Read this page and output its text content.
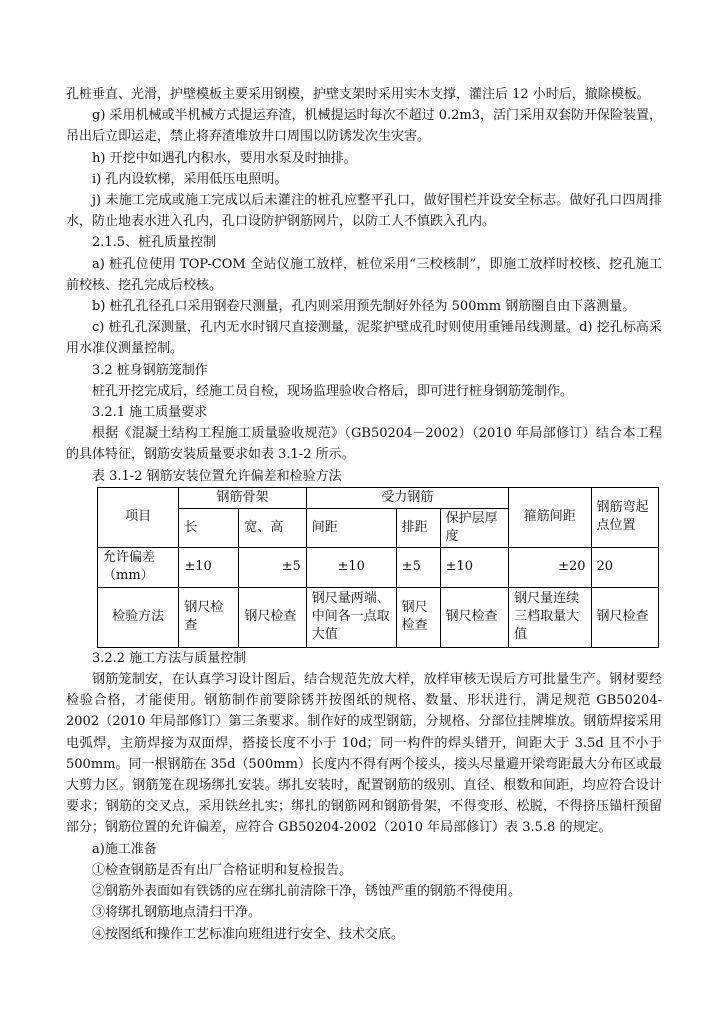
孔桩垂直、光滑，护壁模板主要采用钢模，护壁支架时采用实木支撑，灌注后 12 小时后，撤除模板。

g) 采用机械或半机械方式提运弃渣，机械提运时每次不超过 0.2m3，活门采用双套防开保险装置，吊出后立即运走，禁止将弃渣堆放井口周围以防诱发次生灾害。

h) 开挖中如遇孔内积水，要用水泵及时抽排。

i) 孔内设软梯，采用低压电照明。

j) 未施工完成或施工完成以后未灌注的桩孔应整平孔口，做好围栏并设安全标志。做好孔口四周排水，防止地表水进入孔内，孔口设防护钢筋网片，以防工人不慎跌入孔内。

2.1.5、桩孔质量控制

a) 桩孔位使用 TOP-COM 全站仪施工放样，桩位采用“三校核制”，即施工放样时校核、挖孔施工前校核、挖孔完成后校核。

b) 桩孔孔径孔口采用钢卷尺测量，孔内则采用预先制好外径为 500mm 钢筋圈自由下落测量。

c) 桩孔孔深测量，孔内无水时钢尺直接测量，泥浆护壁成孔时则使用重锤吊线测量。d) 挖孔标高采用水准仪测量控制。

3.2 桩身钢筋笼制作

桩孔开挖完成后，经施工员自检，现场监理验收合格后，即可进行桩身钢筋笼制作。

3.2.1 施工质量要求

根据《混凝土结构工程施工质量验收规范》（GB50204－2002）（2010 年局部修订）结合本工程的具体特征，钢筋安装质量要求如表 3.1-2 所示。

表 3.1-2 钢筋安装位置允许偏差和检验方法
项目	钢筋骨架		受力钢筋			箍筋间距	钢筋弯起点位置
	长	宽、高	间距	排距	保护层厚度		
允许偏差（mm）	±10	±5	±10	±5	±10	±20	20
检验方法	钢尺检查	钢尺检查	钢尺量两端、中间各一点取大值	钢尺检查	钢尺检查	钢尺量连续三档取量大值	钢尺检查

3.2.2 施工方法与质量控制

钢筋笼制安，在认真学习设计图后，结合规范先放大样，放样审核无误后方可批量生产。钢材要经检验合格，才能使用。钢筋制作前要除锈并按图纸的规格、数量、形状进行，满足规范 GB50204-2002（2010 年局部修订）第三条要求。制作好的成型钢筋，分规格、分部位挂牌堆放。钢筋焊接采用电弧焊，主筋焊接为双面焊，搭接长度不小于 10d；同一构件的焊头错开，间距大于 3.5d 且不小于 500mm。同一根钢筋在 35d（500mm）长度内不得有两个接头，接头尽量避开梁弯距最大分布区或最大剪力区。钢筋笼在现场绑扎安装。绑扎安装时，配置钢筋的级别、直径、根数和间距，均应符合设计要求；钢筋的交叉点，采用铁丝扎实；绑扎的钢筋网和钢筋骨架，不得变形、松脱，不得挤压锚杆预留部分；钢筋位置的允许偏差，应符合 GB50204-2002（2010 年局部修订）表 3.5.8 的规定。

a)施工准备

①检查钢筋是否有出厂合格证明和复检报告。

②钢筋外表面如有铁锈的应在绑扎前清除干净，锈蚀严重的钢筋不得使用。

③将绑扎钢筋地点清扫干净。

④按图纸和操作工艺标准向班组进行安全、技术交底。
